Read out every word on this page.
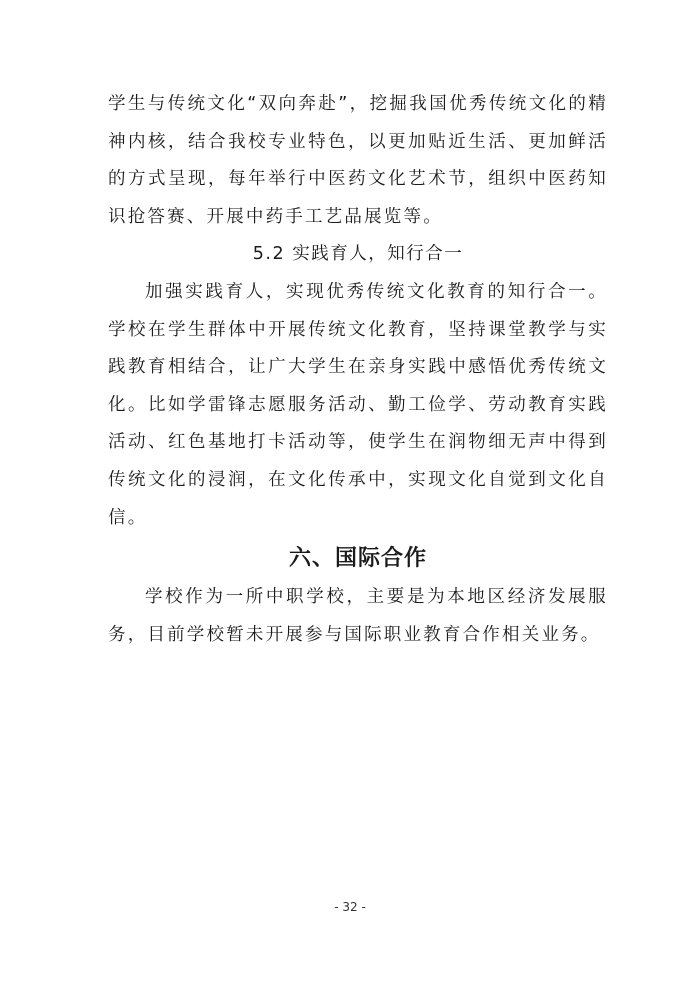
学生与传统文化“双向奔赴”，挖掘我国优秀传统文化的精神内核，结合我校专业特色，以更加贴近生活、更加鲜活的方式呈现，每年举行中医药文化艺术节，组织中医药知识抢答赛、开展中药手工艺品展览等。

5.2 实践育人，知行合一

加强实践育人，实现优秀传统文化教育的知行合一。学校在学生群体中开展传统文化教育，坚持课堂教学与实践教育相结合，让广大学生在亲身实践中感悟优秀传统文化。比如学雷锋志愿服务活动、勤工俭学、劳动教育实践活动、红色基地打卡活动等，使学生在润物细无声中得到传统文化的浸润，在文化传承中，实现文化自觉到文化自信。

六、国际合作

学校作为一所中职学校，主要是为本地区经济发展服务，目前学校暂未开展参与国际职业教育合作相关业务。

- 32 -
